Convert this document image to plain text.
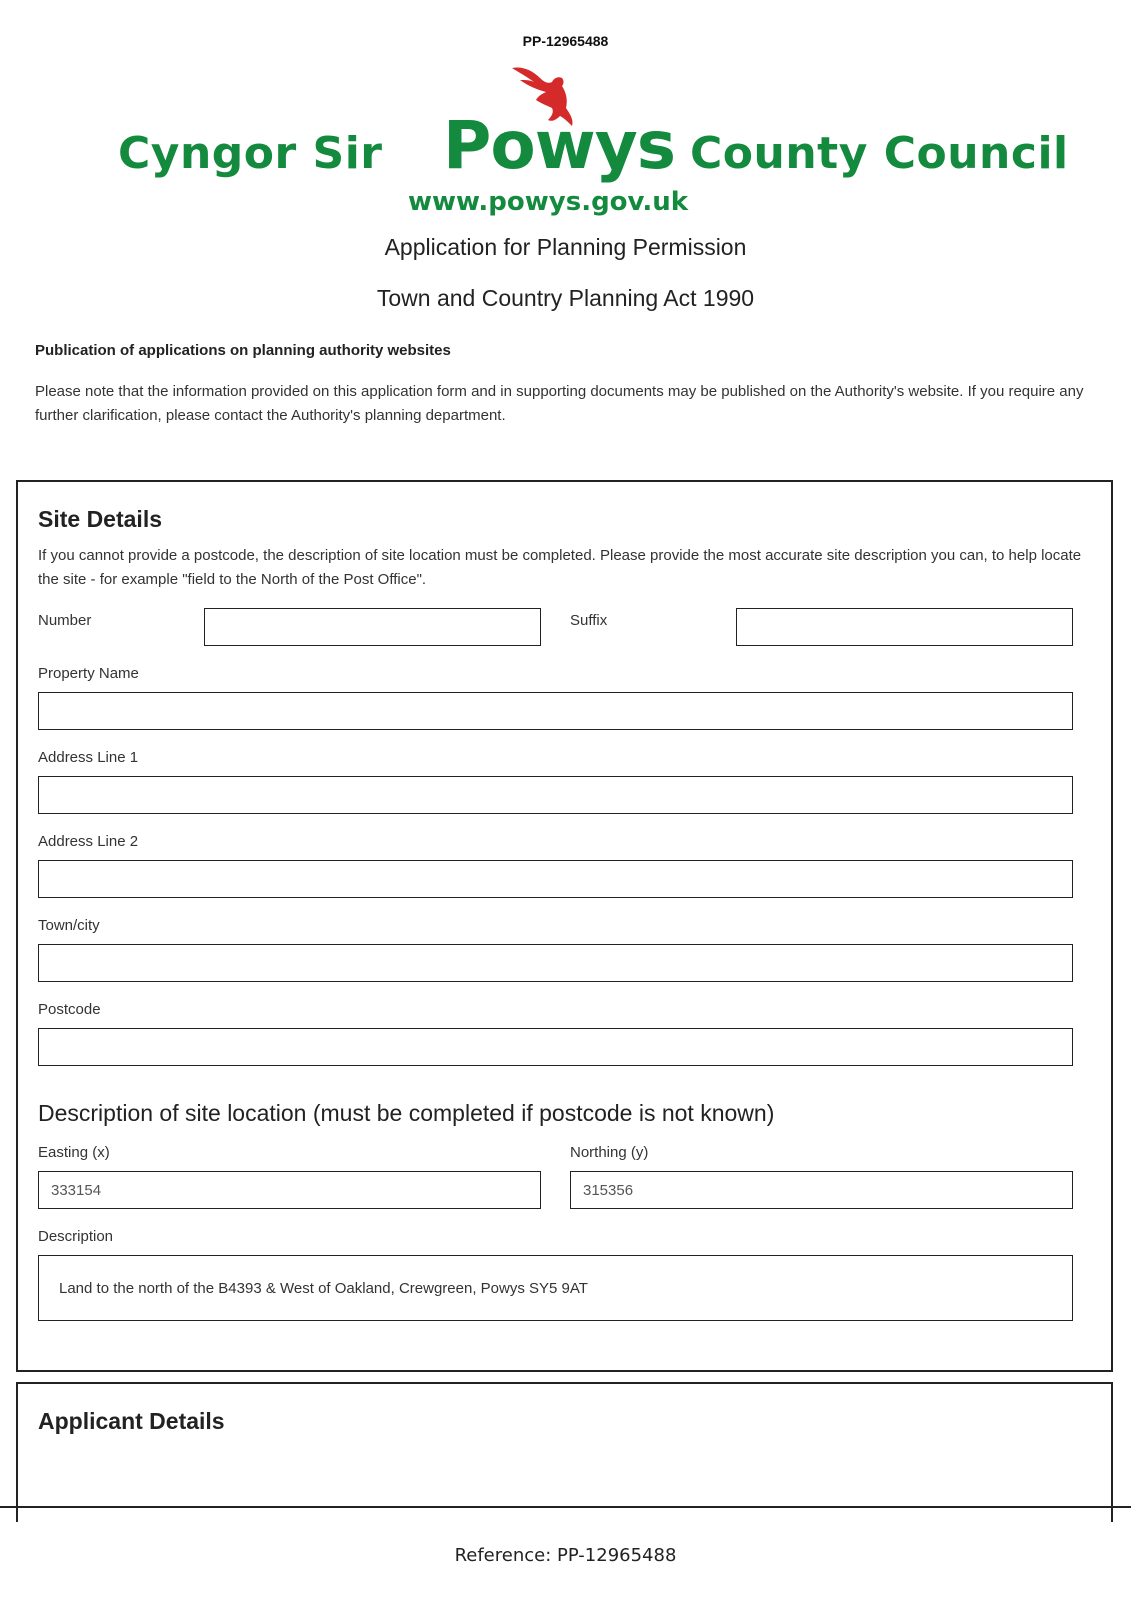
PP-12965488
Cyngor Sir Powys County Council
www.powys.gov.uk
Application for Planning Permission
Town and Country Planning Act 1990
Publication of applications on planning authority websites
Please note that the information provided on this application form and in supporting documents may be published on the Authority's website. If you require any further clarification, please contact the Authority's planning department.
Site Details
If you cannot provide a postcode, the description of site location must be completed. Please provide the most accurate site description you can, to help locate the site - for example "field to the North of the Post Office".
Number	Suffix
Property Name
Address Line 1
Address Line 2
Town/city
Postcode
Description of site location (must be completed if postcode is not known)
Easting (x)
333154
Northing (y)
315356
Description
Land to the north of the B4393 & West of Oakland, Crewgreen, Powys SY5 9AT
Applicant Details
Reference: PP-12965488
